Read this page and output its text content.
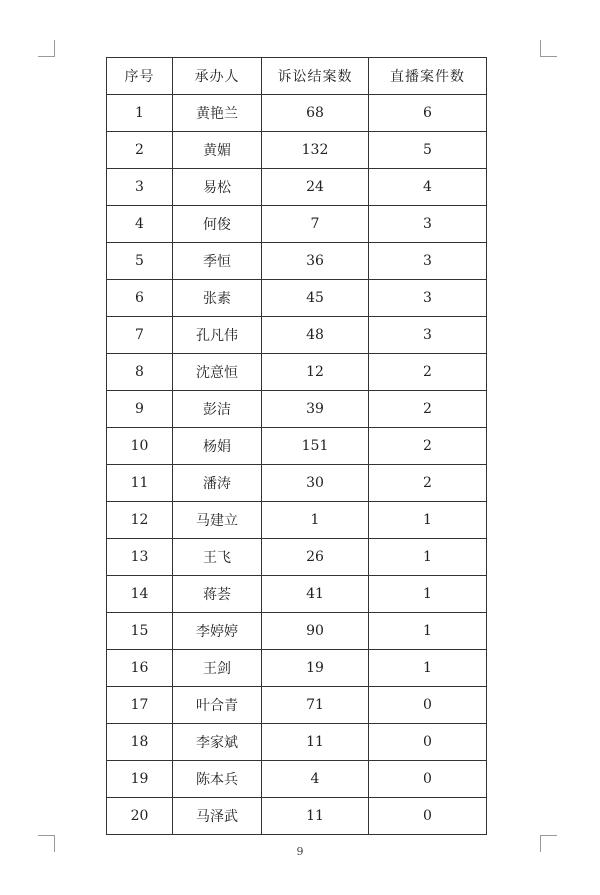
序号	承办人	诉讼结案数	直播案件数
1	黄艳兰	68	6
2	黄媚	132	5
3	易松	24	4
4	何俊	7	3
5	季恒	36	3
6	张素	45	3
7	孔凡伟	48	3
8	沈意恒	12	2
9	彭洁	39	2
10	杨娟	151	2
11	潘涛	30	2
12	马建立	1	1
13	王飞	26	1
14	蒋荟	41	1
15	李婷婷	90	1
16	王剑	19	1
17	叶合青	71	0
18	李家斌	11	0
19	陈本兵	4	0
20	马泽武	11	0
9
